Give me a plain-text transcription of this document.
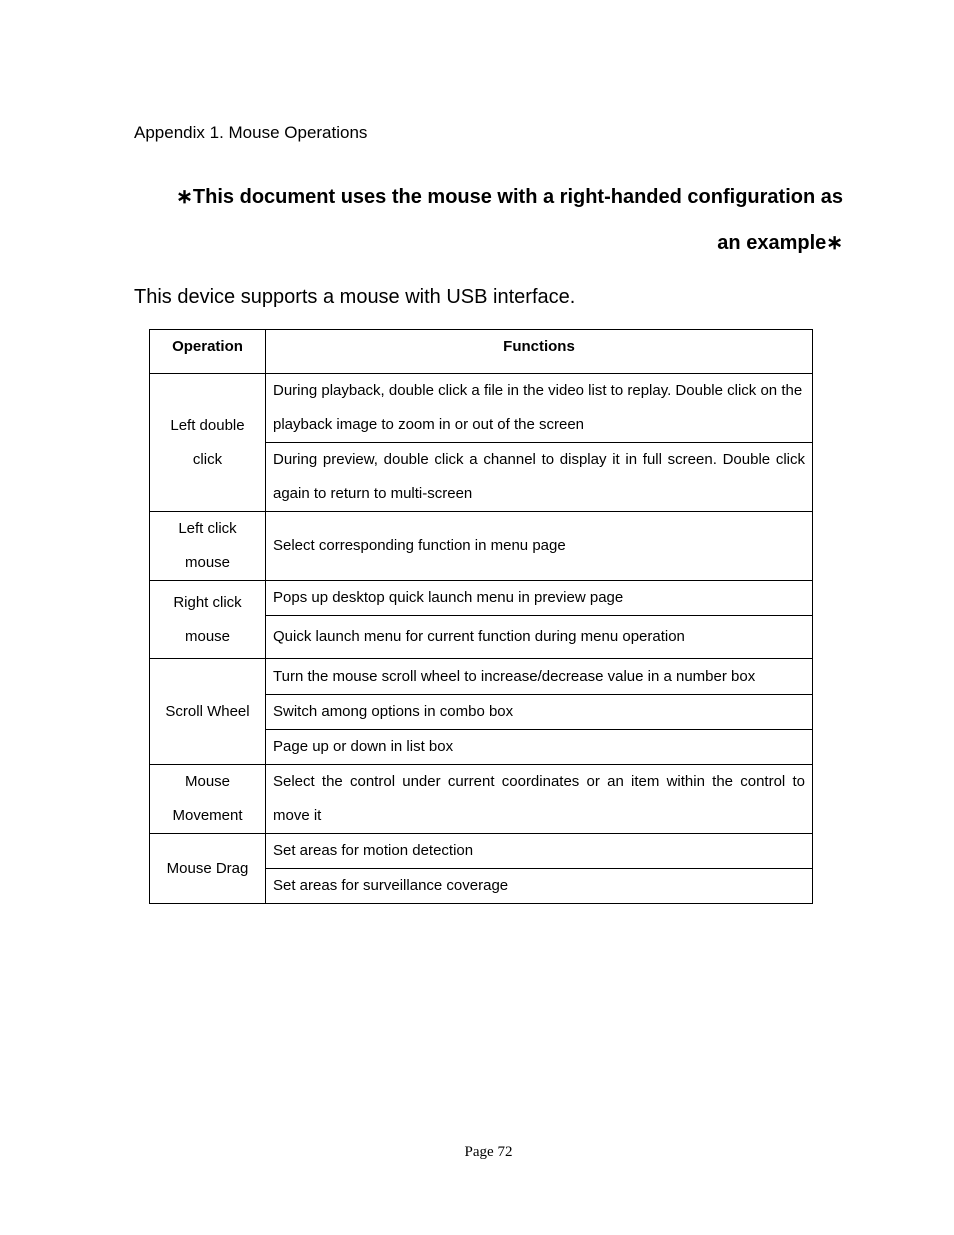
Appendix 1. Mouse Operations
∗This document uses the mouse with a right-handed configuration as
an example∗
This device supports a mouse with USB interface.
Operation	Functions
Left double click	During playback, double click a file in the video list to replay. Double click on the playback image to zoom in or out of the screen
	During preview, double click a channel to display it in full screen. Double click again to return to multi-screen
Left click mouse	Select corresponding function in menu page
Right click mouse	Pops up desktop quick launch menu in preview page
	Quick launch menu for current function during menu operation
Scroll Wheel	Turn the mouse scroll wheel to increase/decrease value in a number box
	Switch among options in combo box
	Page up or down in list box
Mouse Movement	Select the control under current coordinates or an item within the control to move it
Mouse Drag	Set areas for motion detection
	Set areas for surveillance coverage
Page 72
